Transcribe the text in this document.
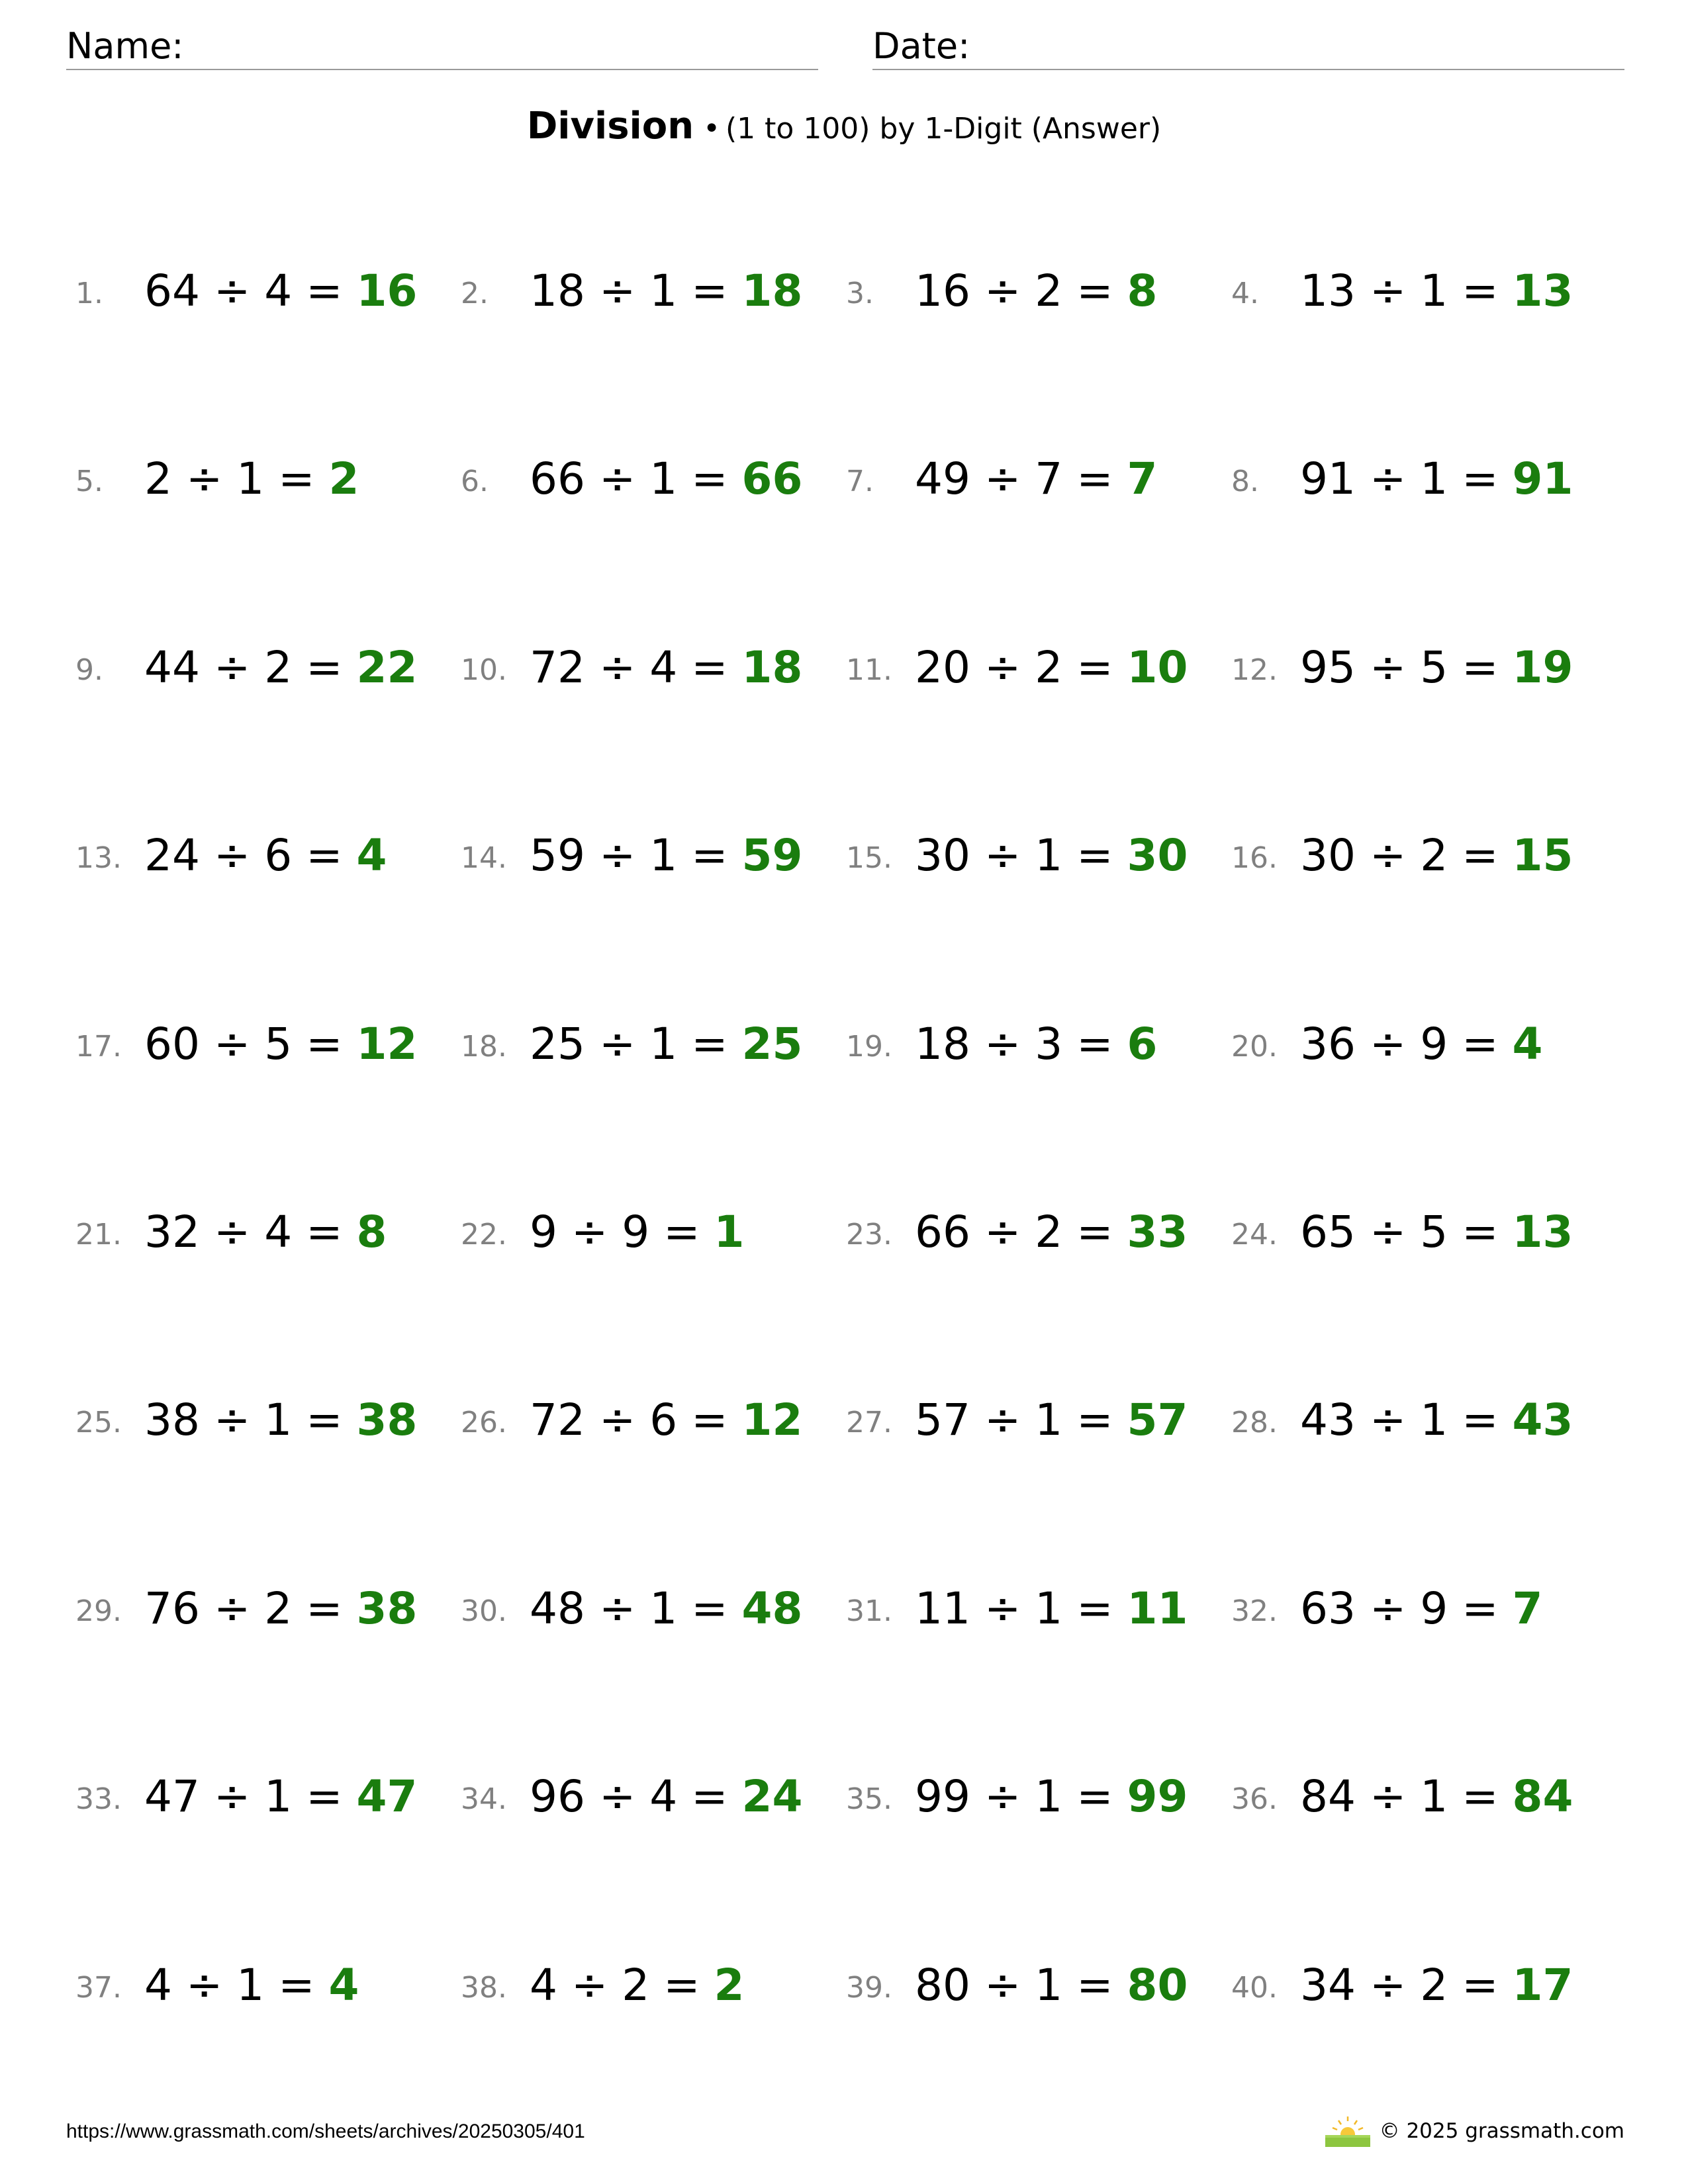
Name:	Date:
Division • (1 to 100) by 1-Digit (Answer)
1. 64 ÷ 4 = 16 2. 18 ÷ 1 = 18 3. 16 ÷ 2 = 8	4. 13 ÷ 1 = 13
5. 2 ÷ 1 = 2	6. 66 ÷ 1 = 66 7. 49 ÷ 7 = 7	8. 91 ÷ 1 = 91
9. 44 ÷ 2 = 22 10. 72 ÷ 4 = 18 11. 20 ÷ 2 = 10 12. 95 ÷ 5 = 19
13. 24 ÷ 6 = 4	14. 59 ÷ 1 = 59 15. 30 ÷ 1 = 30 16. 30 ÷ 2 = 15
17. 60 ÷ 5 = 12 18. 25 ÷ 1 = 25 19. 18 ÷ 3 = 6	20. 36 ÷ 9 = 4
21. 32 ÷ 4 = 8	22. 9 ÷ 9 = 1	23. 66 ÷ 2 = 33 24. 65 ÷ 5 = 13
25. 38 ÷ 1 = 38 26. 72 ÷ 6 = 12 27. 57 ÷ 1 = 57 28. 43 ÷ 1 = 43
29. 76 ÷ 2 = 38 30. 48 ÷ 1 = 48 31. 11 ÷ 1 = 11 32. 63 ÷ 9 = 7
33. 47 ÷ 1 = 47 34. 96 ÷ 4 = 24 35. 99 ÷ 1 = 99 36. 84 ÷ 1 = 84
37. 4 ÷ 1 = 4	38. 4 ÷ 2 = 2	39. 80 ÷ 1 = 80 40. 34 ÷ 2 = 17
https://www.grassmath.com/sheets/archives/20250305/401	© 2025 grassmath.com
